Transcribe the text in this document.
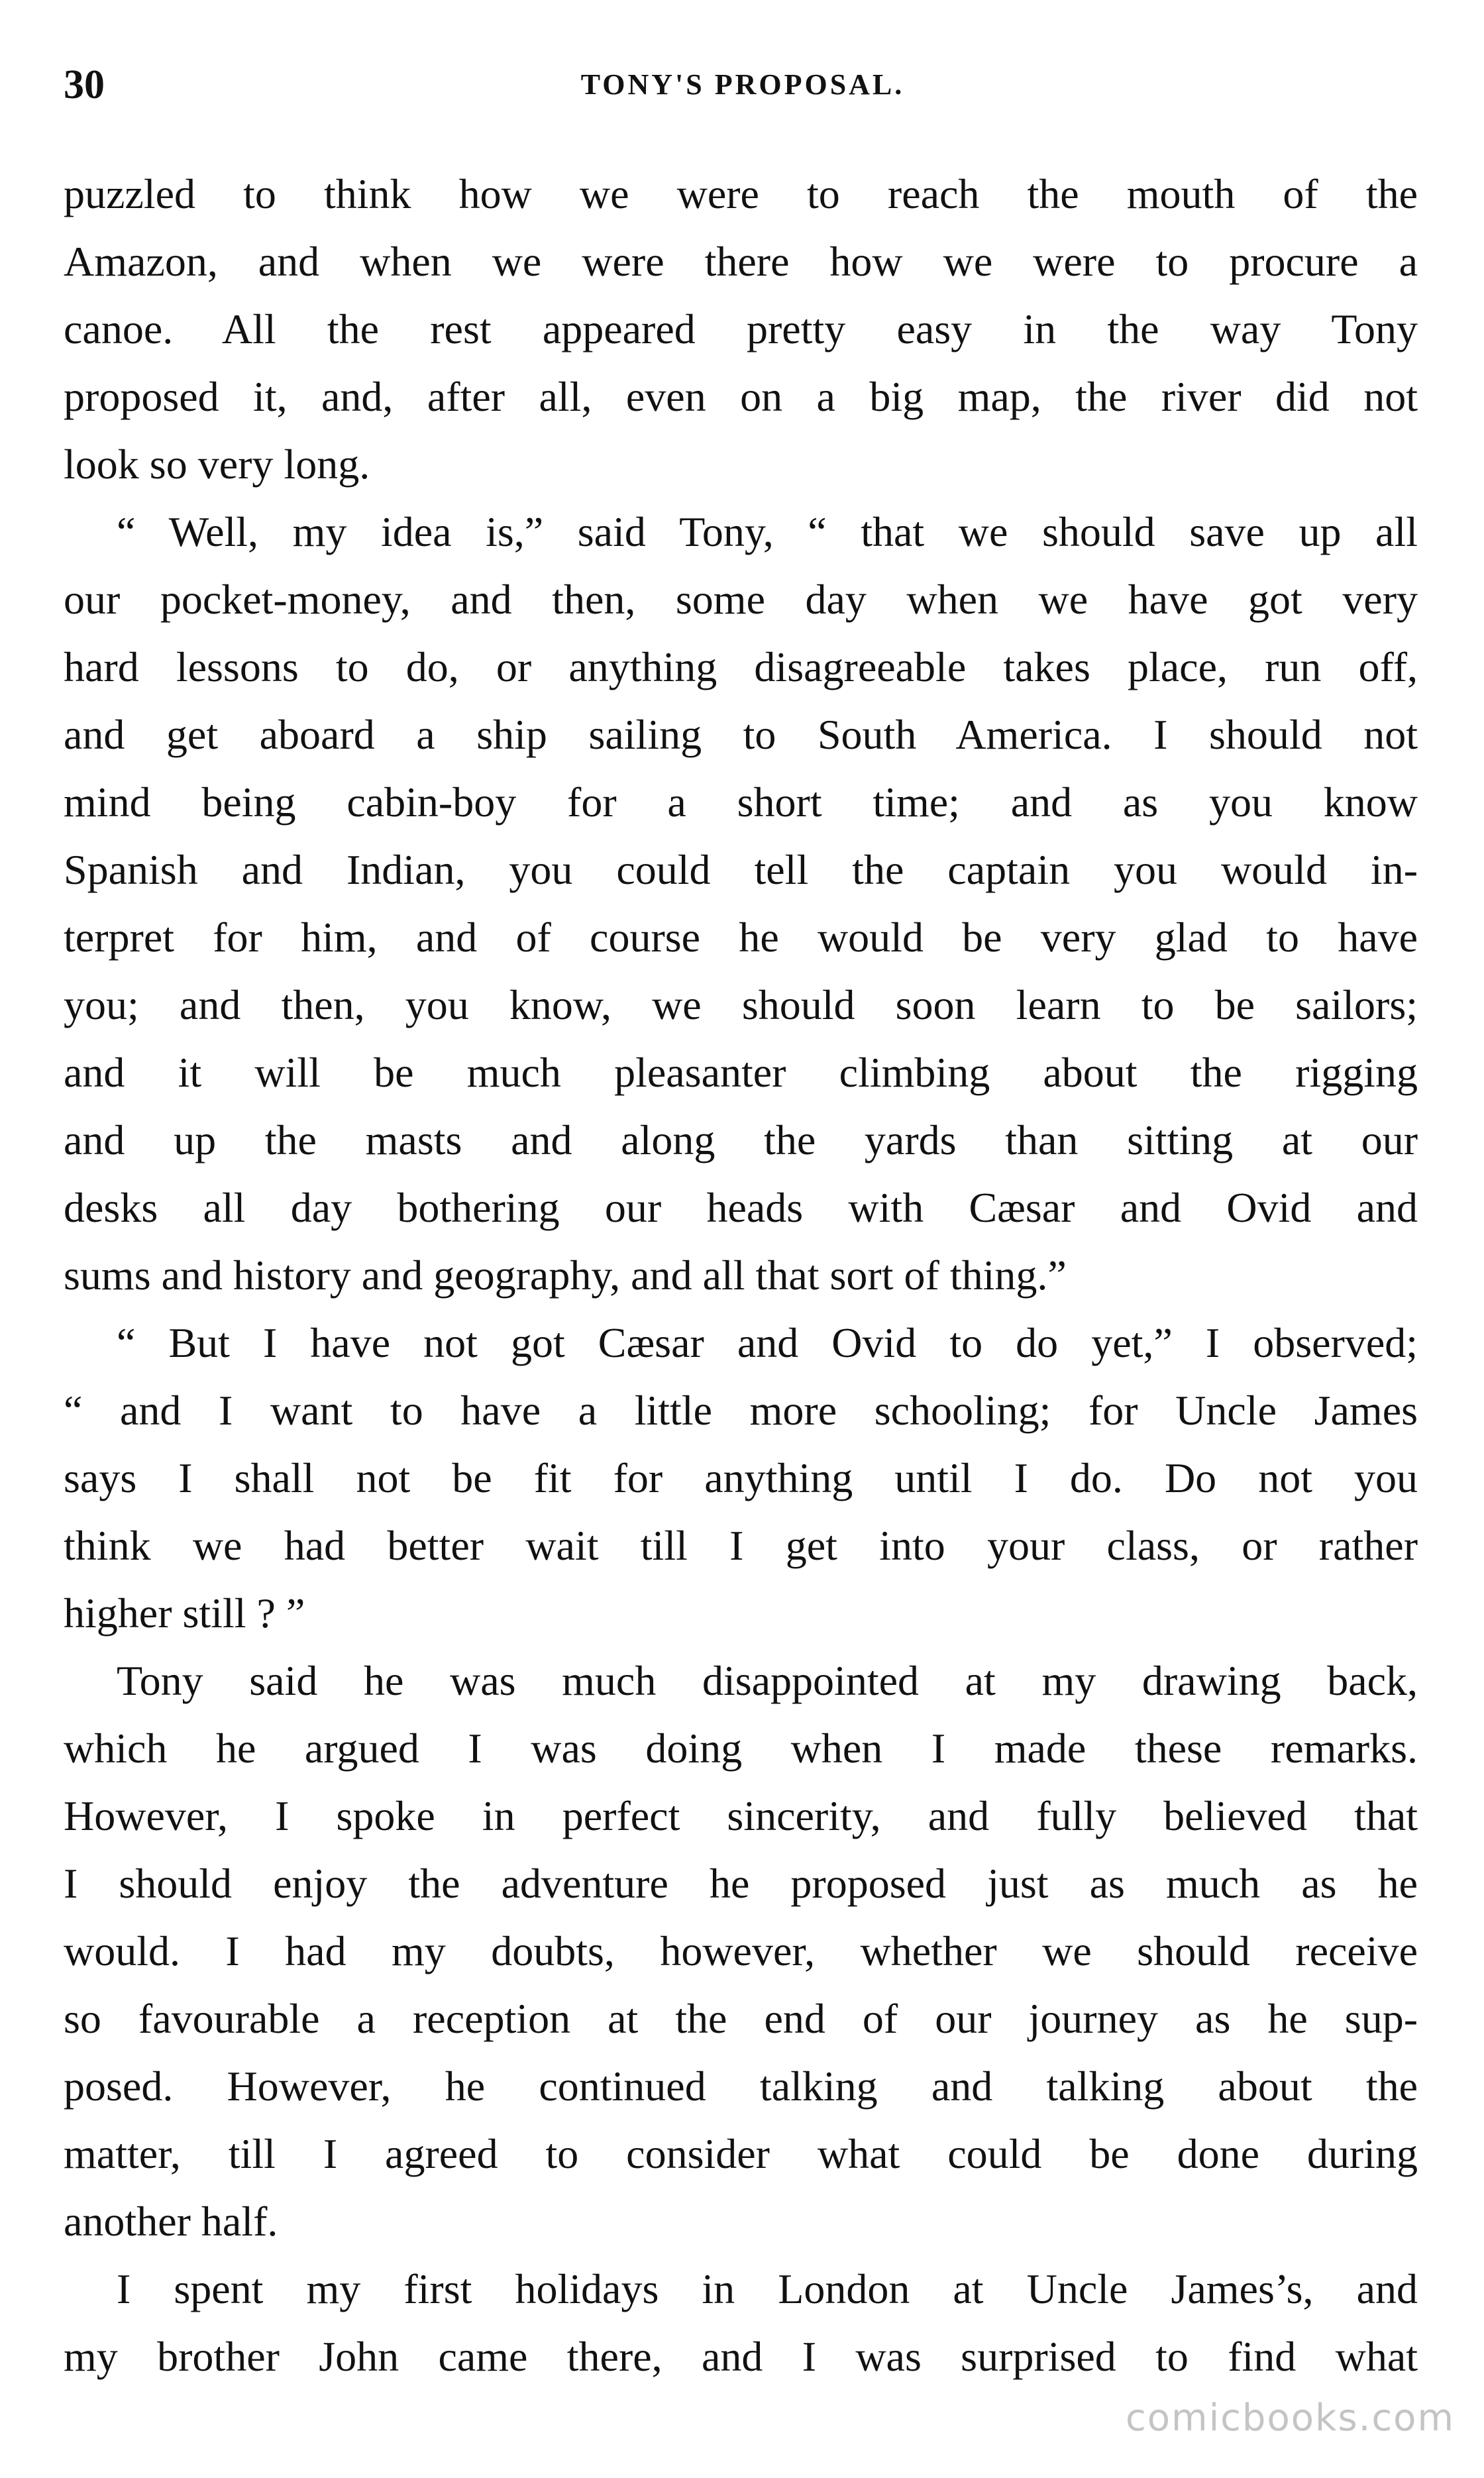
30	TONY'S PROPOSAL.
puzzled to think how we were to reach the mouth of the
Amazon, and when we were there how we were to procure a
canoe. All the rest appeared pretty easy in the way Tony
proposed it, and, after all, even on a big map, the river did not
look so very long.
“ Well, my idea is,” said Tony, “ that we should save up all
our pocket-money, and then, some day when we have got very
hard lessons to do, or anything disagreeable takes place, run off,
and get aboard a ship sailing to South America. I should not
mind being cabin-boy for a short time; and as you know
Spanish and Indian, you could tell the captain you would in-
terpret for him, and of course he would be very glad to have
you; and then, you know, we should soon learn to be sailors;
and it will be much pleasanter climbing about the rigging
and up the masts and along the yards than sitting at our
desks all day bothering our heads with Cæsar and Ovid and
sums and history and geography, and all that sort of thing.”
“ But I have not got Cæsar and Ovid to do yet,” I observed;
“ and I want to have a little more schooling; for Uncle James
says I shall not be fit for anything until I do. Do not you
think we had better wait till I get into your class, or rather
higher still ? ”
Tony said he was much disappointed at my drawing back,
which he argued I was doing when I made these remarks.
However, I spoke in perfect sincerity, and fully believed that
I should enjoy the adventure he proposed just as much as he
would. I had my doubts, however, whether we should receive
so favourable a reception at the end of our journey as he sup-
posed. However, he continued talking and talking about the
matter, till I agreed to consider what could be done during
another half.
I spent my first holidays in London at Uncle James’s, and
my brother John came there, and I was surprised to find what
comicbooks.com
